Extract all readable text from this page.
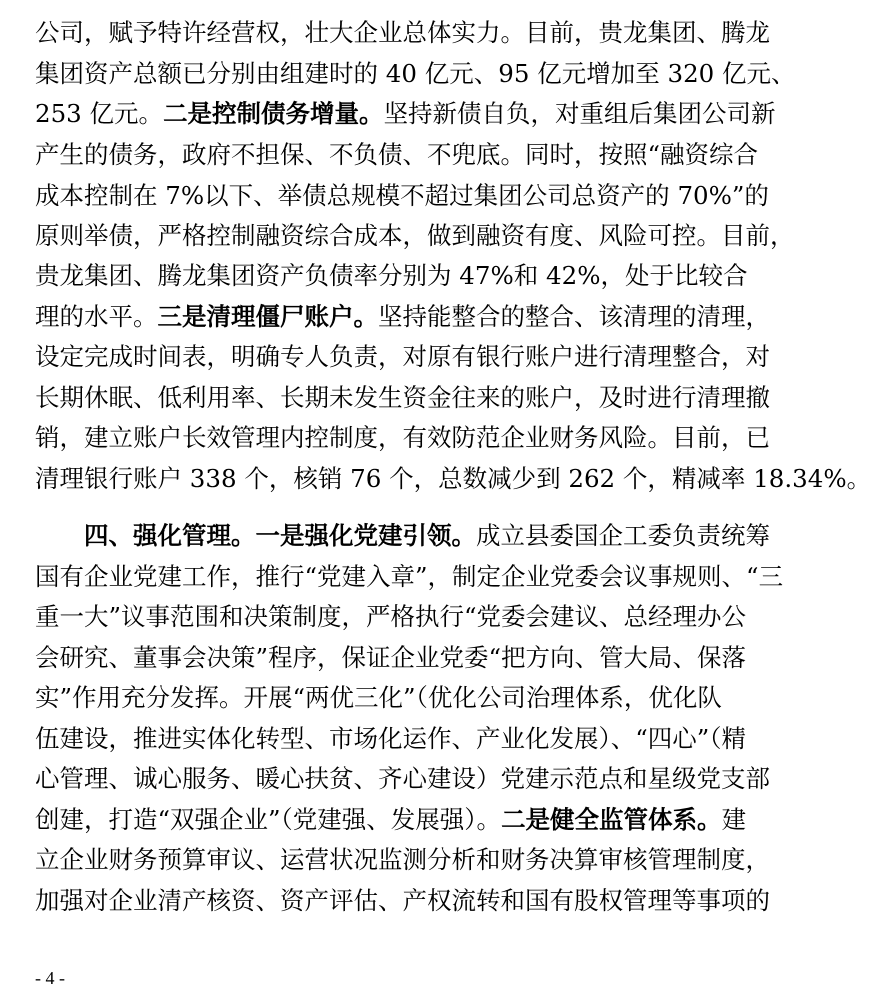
公司，赋予特许经营权，壮大企业总体实力。目前，贵龙集团、腾龙
集团资产总额已分别由组建时的 40 亿元、95 亿元增加至 320 亿元、
253 亿元。二是控制债务增量。坚持新债自负，对重组后集团公司新
产生的债务，政府不担保、不负债、不兜底。同时，按照“融资综合
成本控制在 7%以下、举债总规模不超过集团公司总资产的 70%”的
原则举债，严格控制融资综合成本，做到融资有度、风险可控。目前，
贵龙集团、腾龙集团资产负债率分别为 47%和 42%，处于比较合
理的水平。三是清理僵尸账户。坚持能整合的整合、该清理的清理，
设定完成时间表，明确专人负责，对原有银行账户进行清理整合，对
长期休眠、低利用率、长期未发生资金往来的账户，及时进行清理撤
销，建立账户长效管理内控制度，有效防范企业财务风险。目前，已
清理银行账户 338 个，核销 76 个，总数减少到 262 个，精减率 18.34%。
四、强化管理。一是强化党建引领。成立县委国企工委负责统筹
国有企业党建工作，推行“党建入章”，制定企业党委会议事规则、“三
重一大”议事范围和决策制度，严格执行“党委会建议、总经理办公
会研究、董事会决策”程序，保证企业党委“把方向、管大局、保落
实”作用充分发挥。开展“两优三化”（优化公司治理体系，优化队
伍建设，推进实体化转型、市场化运作、产业化发展）、“四心”（精
心管理、诚心服务、暖心扶贫、齐心建设）党建示范点和星级党支部
创建，打造“双强企业”（党建强、发展强）。二是健全监管体系。建
立企业财务预算审议、运营状况监测分析和财务决算审核管理制度，
加强对企业清产核资、资产评估、产权流转和国有股权管理等事项的
- 4 -
